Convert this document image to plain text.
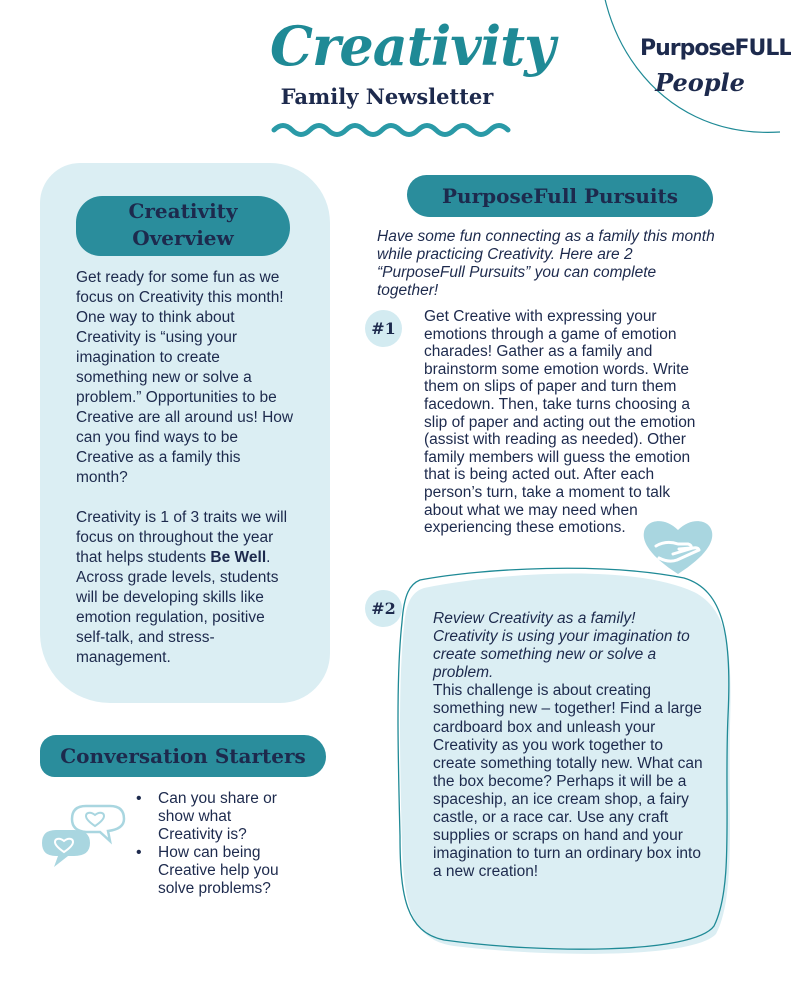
Creativity
Family Newsletter
PurposeFULL
People
Creativity
Overview
Get ready for some fun as we focus on Creativity this month! One way to think about Creativity is “using your imagination to create something new or solve a problem.” Opportunities to be Creative are all around us! How can you find ways to be Creative as a family this month?
Creativity is 1 of 3 traits we will focus on throughout the year that helps students Be Well. Across grade levels, students will be developing skills like emotion regulation, positive self-talk, and stress-management.
Conversation Starters
• Can you share or show what Creativity is?
• How can being Creative help you solve problems?
PurposeFull Pursuits
Have some fun connecting as a family this month while practicing Creativity. Here are 2 “PurposeFull Pursuits” you can complete together!
#1
Get Creative with expressing your emotions through a game of emotion charades! Gather as a family and brainstorm some emotion words. Write them on slips of paper and turn them facedown. Then, take turns choosing a slip of paper and acting out the emotion (assist with reading as needed). Other family members will guess the emotion that is being acted out. After each person’s turn, take a moment to talk about what we may need when experiencing these emotions.
#2
Review Creativity as a family! Creativity is using your imagination to create something new or solve a problem.
This challenge is about creating something new – together! Find a large cardboard box and unleash your Creativity as you work together to create something totally new. What can the box become? Perhaps it will be a spaceship, an ice cream shop, a fairy castle, or a race car. Use any craft supplies or scraps on hand and your imagination to turn an ordinary box into a new creation!
